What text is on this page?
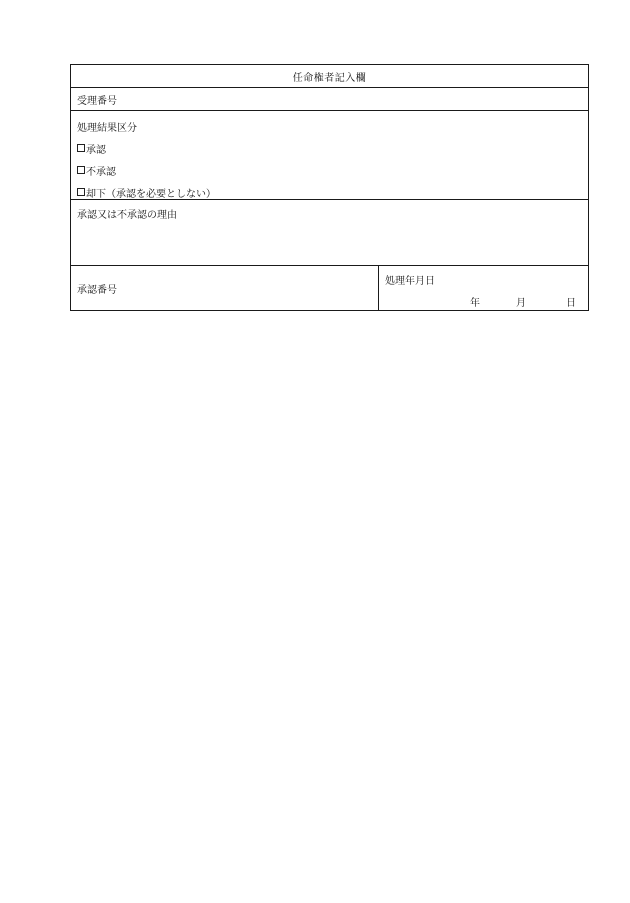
任命権者記入欄
受理番号
処理結果区分
承認
不承認
却下（承認を必要としない）
承認又は不承認の理由
承認番号
処理年月日
年	月	日
